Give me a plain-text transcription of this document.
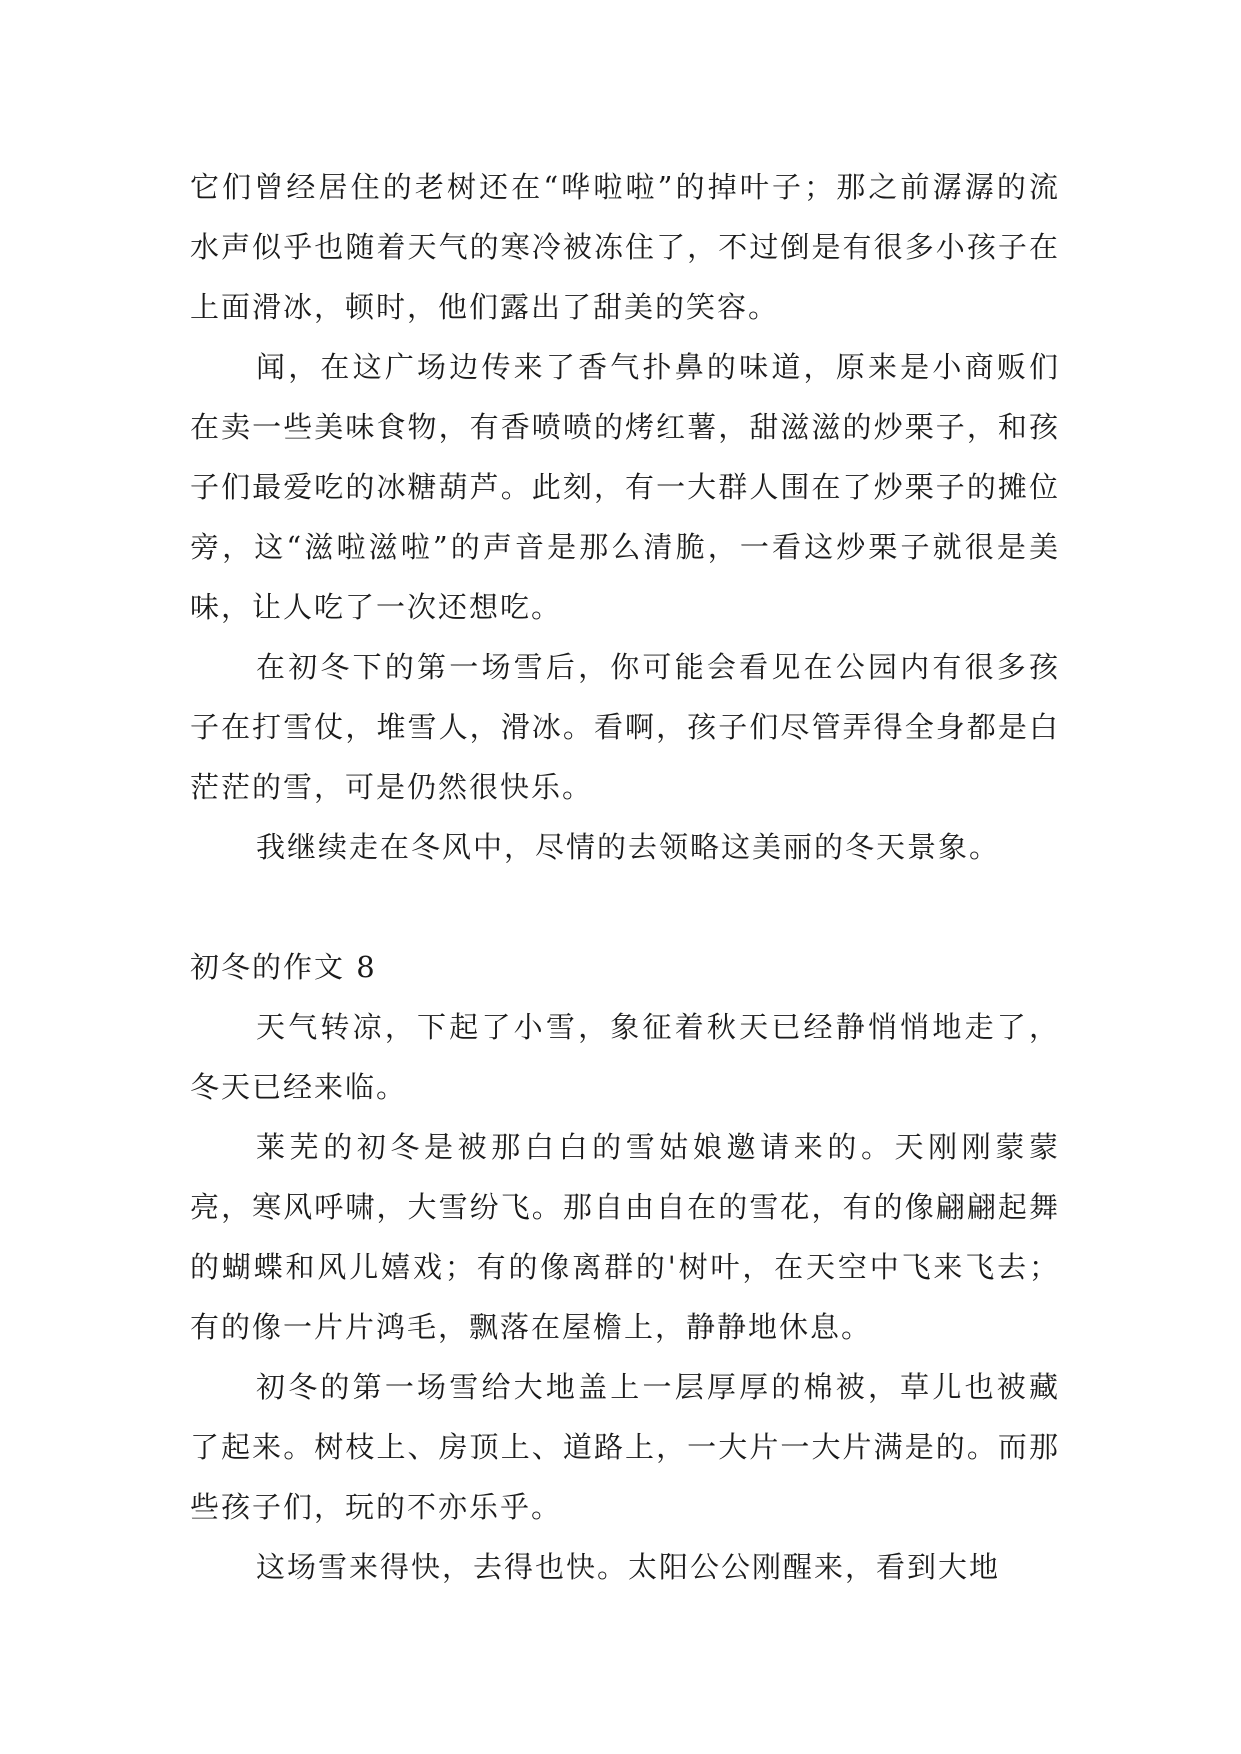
它们曾经居住的老树还在“哗啦啦”的掉叶子；那之前潺潺的流水声似乎也随着天气的寒冷被冻住了，不过倒是有很多小孩子在上面滑冰，顿时，他们露出了甜美的笑容。

闻，在这广场边传来了香气扑鼻的味道，原来是小商贩们在卖一些美味食物，有香喷喷的烤红薯，甜滋滋的炒栗子，和孩子们最爱吃的冰糖葫芦。此刻，有一大群人围在了炒栗子的摊位旁，这“滋啦滋啦”的声音是那么清脆，一看这炒栗子就很是美味，让人吃了一次还想吃。

在初冬下的第一场雪后，你可能会看见在公园内有很多孩子在打雪仗，堆雪人，滑冰。看啊，孩子们尽管弄得全身都是白茫茫的雪，可是仍然很快乐。

我继续走在冬风中，尽情的去领略这美丽的冬天景象。

初冬的作文 8

天气转凉，下起了小雪，象征着秋天已经静悄悄地走了，冬天已经来临。

莱芜的初冬是被那白白的雪姑娘邀请来的。天刚刚蒙蒙亮，寒风呼啸，大雪纷飞。那自由自在的雪花，有的像翩翩起舞的蝴蝶和风儿嬉戏；有的像离群的'树叶，在天空中飞来飞去；有的像一片片鸿毛，飘落在屋檐上，静静地休息。

初冬的第一场雪给大地盖上一层厚厚的棉被，草儿也被藏了起来。树枝上、房顶上、道路上，一大片一大片满是的。而那些孩子们，玩的不亦乐乎。

这场雪来得快，去得也快。太阳公公刚醒来，看到大地
